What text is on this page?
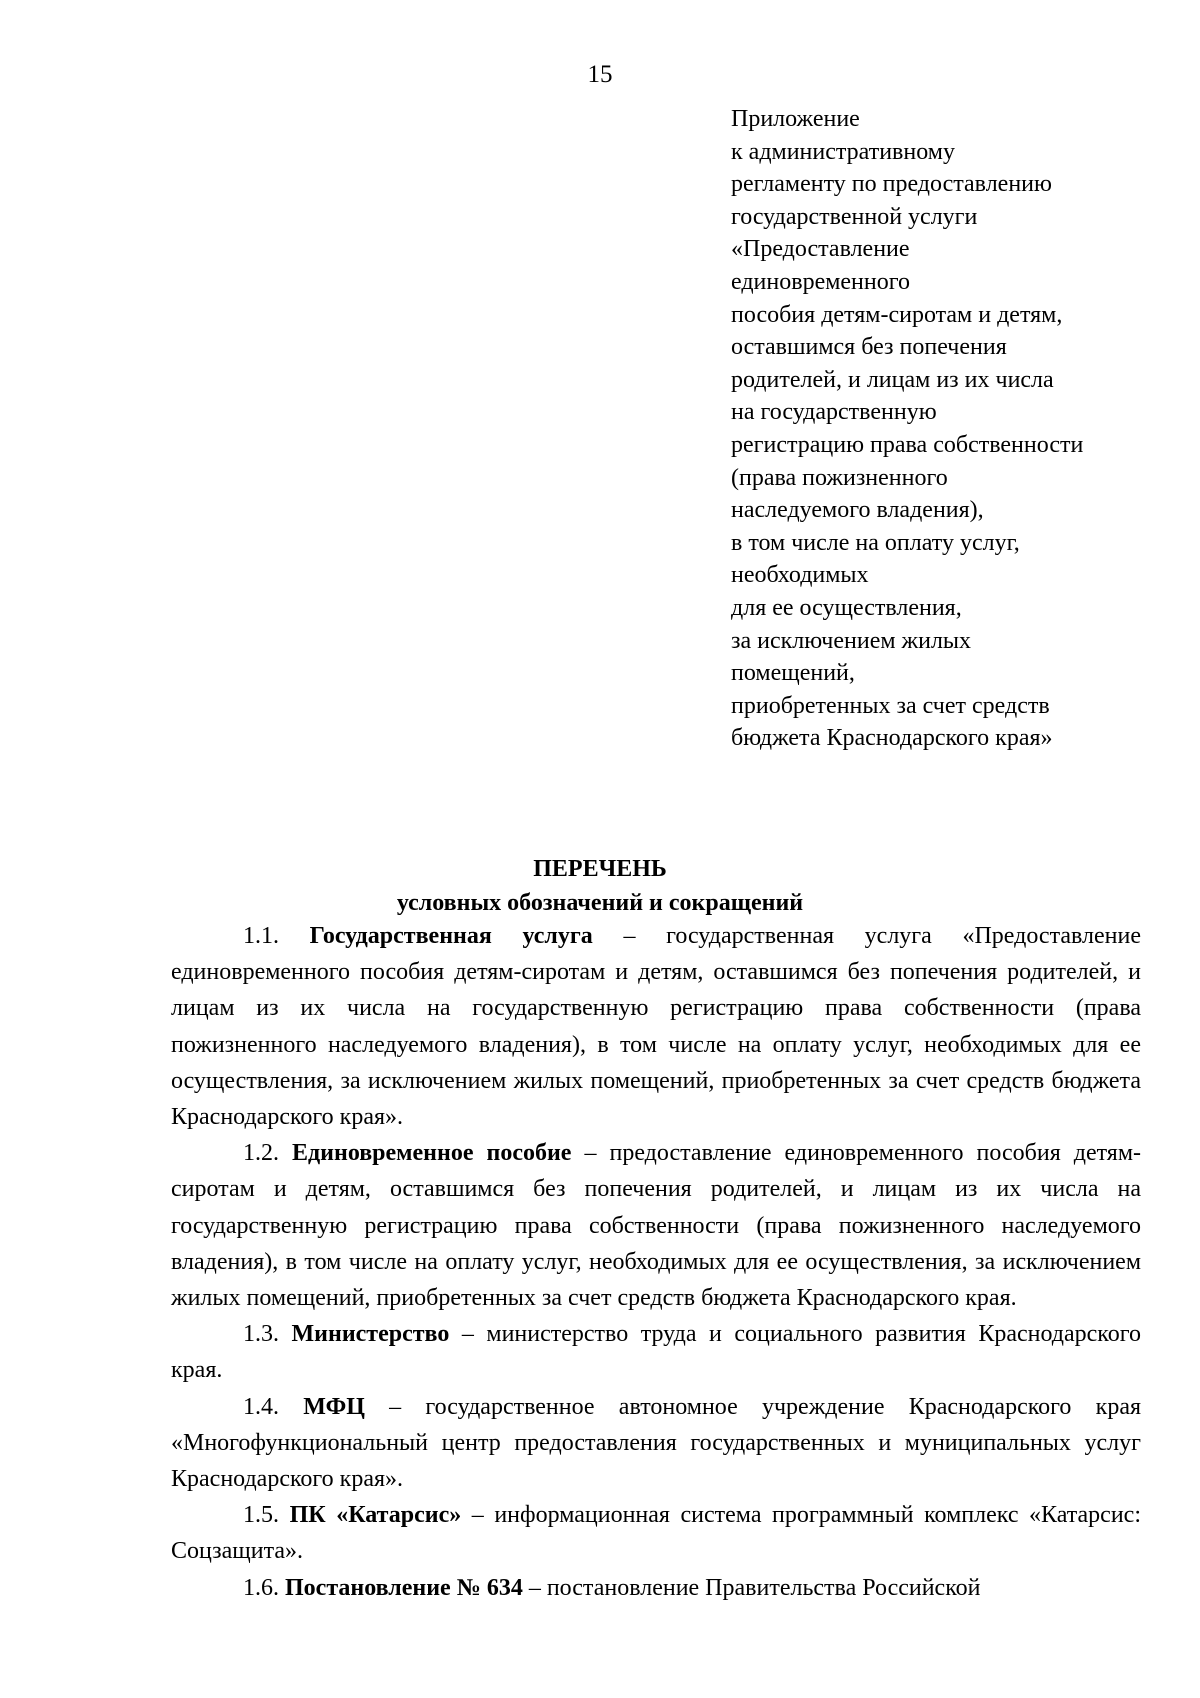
15
Приложение
к административному
регламенту по предоставлению
государственной услуги
«Предоставление
единовременного
пособия детям-сиротам и детям,
оставшимся без попечения
родителей, и лицам из их числа
на государственную
регистрацию права собственности
(права пожизненного
наследуемого владения),
в том числе на оплату услуг,
необходимых
для ее осуществления,
за исключением жилых
помещений,
приобретенных за счет средств
бюджета Краснодарского края»
ПЕРЕЧЕНЬ
условных обозначений и сокращений

1.1. Государственная услуга – государственная услуга «Предоставление единовременного пособия детям-сиротам и детям, оставшимся без попечения родителей, и лицам из их числа на государственную регистрацию права собственности (права пожизненного наследуемого владения), в том числе на оплату услуг, необходимых для ее осуществления, за исключением жилых помещений, приобретенных за счет средств бюджета Краснодарского края».

1.2. Единовременное пособие – предоставление единовременного пособия детям-сиротам и детям, оставшимся без попечения родителей, и лицам из их числа на государственную регистрацию права собственности (права пожизненного наследуемого владения), в том числе на оплату услуг, необходимых для ее осуществления, за исключением жилых помещений, приобретенных за счет средств бюджета Краснодарского края.

1.3. Министерство – министерство труда и социального развития Краснодарского края.

1.4. МФЦ – государственное автономное учреждение Краснодарского края «Многофункциональный центр предоставления государственных и муниципальных услуг Краснодарского края».

1.5. ПК «Катарсис» – информационная система программный комплекс «Катарсис: Соцзащита».

1.6. Постановление № 634 – постановление Правительства Российской
